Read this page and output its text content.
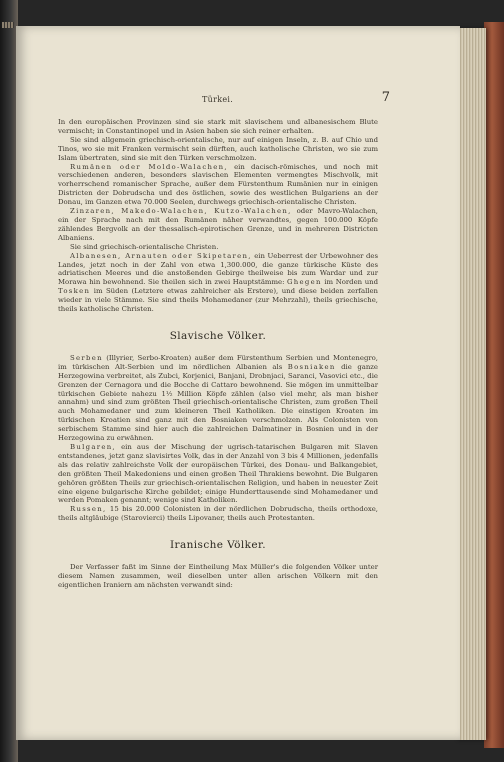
Türkei.	7

In den europäischen Provinzen sind sie stark mit slavischem und albanesischem Blute vermischt; in Constantinopel und in Asien haben sie sich reiner erhalten.

Sie sind allgemein griechisch-orientalische, nur auf einigen Inseln, z. B. auf Chio und Tinos, wo sie mit Franken vermischt sein dürften, auch katholische Christen, wo sie zum Islam übertraten, sind sie mit den Türken verschmolzen.

Rumänen oder Moldo-Walachen, ein dacisch-römisches, und noch mit verschiedenen anderen, besonders slavischen Elementen vermengtes Mischvolk, mit vorherrschend romanischer Sprache, außer dem Fürstenthum Rumänien nur in einigen Districten der Dobrudscha und des östlichen, sowie des westlichen Bulgariens an der Donau, im Ganzen etwa 70.000 Seelen, durchwegs griechisch-orientalische Christen.

Zinzaren, Makedo-Walachen, Kutzo-Walachen, oder Mavro-Walachen, ein der Sprache nach mit den Rumänen näher verwandtes, gegen 100.000 Köpfe zählendes Bergvolk an der thessalisch-epirotischen Grenze, und in mehreren Districten Albaniens.

Sie sind griechisch-orientalische Christen.

Albanesen, Arnauten oder Skipetaren, ein Ueberrest der Urbewohner des Landes, jetzt noch in der Zahl von etwa 1,300.000, die ganze türkische Küste des adriatischen Meeres und die anstoßenden Gebirge theilweise bis zum Wardar und zur Morawa hin bewohnend. Sie theilen sich in zwei Hauptstämme: Ghegen im Norden und Tosken im Süden (Letztere etwas zahlreicher als Erstere), und diese beiden zerfallen wieder in viele Stämme. Sie sind theils Mohamedaner (zur Mehrzahl), theils griechische, theils katholische Christen.

Slavische Völker.

Serben (Illyrier, Serbo-Kroaten) außer dem Fürstenthum Serbien und Montenegro, im türkischen Alt-Serbien und im nördlichen Albanien als Bosniaken die ganze Herzegowina verbreitet, als Zubci, Korjenici, Banjani, Drobnjaci, Saranci, Vasovici etc., die Grenzen der Cernagora und die Bocche di Cattaro bewohnend. Sie mögen im unmittelbar türkischen Gebiete nahezu 1½ Million Köpfe zählen (also viel mehr, als man bisher annahm) und sind zum größten Theil griechisch-orientalische Christen, zum großen Theil auch Mohamedaner und zum kleineren Theil Katholiken. Die einstigen Kroaten im türkischen Kroatien sind ganz mit den Bosniaken verschmolzen. Als Colonisten von serbischem Stamme sind hier auch die zahlreichen Dalmatiner in Bosnien und in der Herzegowina zu erwähnen.

Bulgaren, ein aus der Mischung der ugrisch-tatarischen Bulgaren mit Slaven entstandenes, jetzt ganz slavisirtes Volk, das in der Anzahl von 3 bis 4 Millionen, jedenfalls als das relativ zahlreichste Volk der europäischen Türkei, des Donau- und Balkangebiet, den größten Theil Makedoniens und einen großen Theil Thrakiens bewohnt. Die Bulgaren gehören größten Theils zur griechisch-orientalischen Religion, und haben in neuester Zeit eine eigene bulgarische Kirche gebildet; einige Hunderttausende sind Mohamedaner und werden Pomaken genannt; wenige sind Katholiken.

Russen, 15 bis 20.000 Colonisten in der nördlichen Dobrudscha, theils orthodoxe, theils altgläubige (Starovierci) theils Lipovaner, theils auch Protestanten.

Iranische Völker.

Der Verfasser faßt im Sinne der Eintheilung Max Müller's die folgenden Völker unter diesem Namen zusammen, weil dieselben unter allen arischen Völkern mit den eigentlichen Iraniern am nächsten verwandt sind:
